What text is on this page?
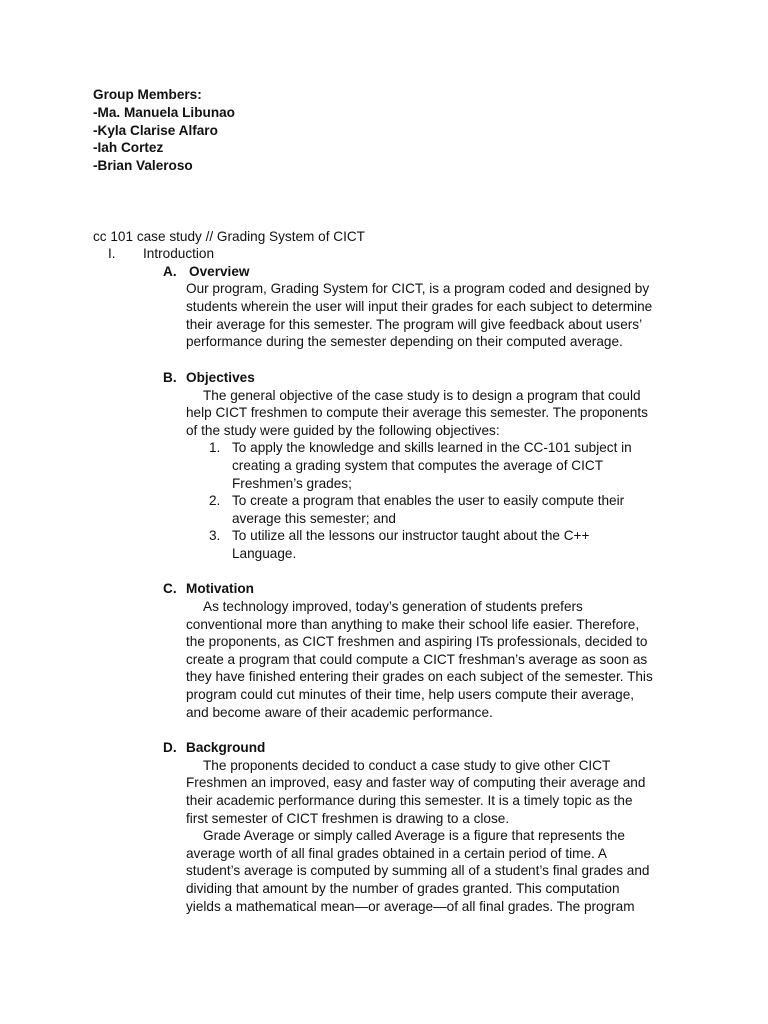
Group Members:
-Ma. Manuela Libunao
-Kyla Clarise Alfaro
-Iah Cortez
-Brian Valeroso
cc 101 case study // Grading System of CICT
I. Introduction
A. Overview
Our program, Grading System for CICT, is a program coded and designed by
students wherein the user will input their grades for each subject to determine
their average for this semester. The program will give feedback about users’
performance during the semester depending on their computed average.
B. Objectives
The general objective of the case study is to design a program that could
help CICT freshmen to compute their average this semester. The proponents
of the study were guided by the following objectives:
1. To apply the knowledge and skills learned in the CC-101 subject in
creating a grading system that computes the average of CICT
Freshmen’s grades;
2. To create a program that enables the user to easily compute their
average this semester; and
3. To utilize all the lessons our instructor taught about the C++
Language.
C. Motivation
As technology improved, today’s generation of students prefers
conventional more than anything to make their school life easier. Therefore,
the proponents, as CICT freshmen and aspiring ITs professionals, decided to
create a program that could compute a CICT freshman’s average as soon as
they have finished entering their grades on each subject of the semester. This
program could cut minutes of their time, help users compute their average,
and become aware of their academic performance.
D. Background
The proponents decided to conduct a case study to give other CICT
Freshmen an improved, easy and faster way of computing their average and
their academic performance during this semester. It is a timely topic as the
first semester of CICT freshmen is drawing to a close.
Grade Average or simply called Average is a figure that represents the
average worth of all final grades obtained in a certain period of time. A
student’s average is computed by summing all of a student’s final grades and
dividing that amount by the number of grades granted. This computation
yields a mathematical mean—or average—of all final grades. The program
